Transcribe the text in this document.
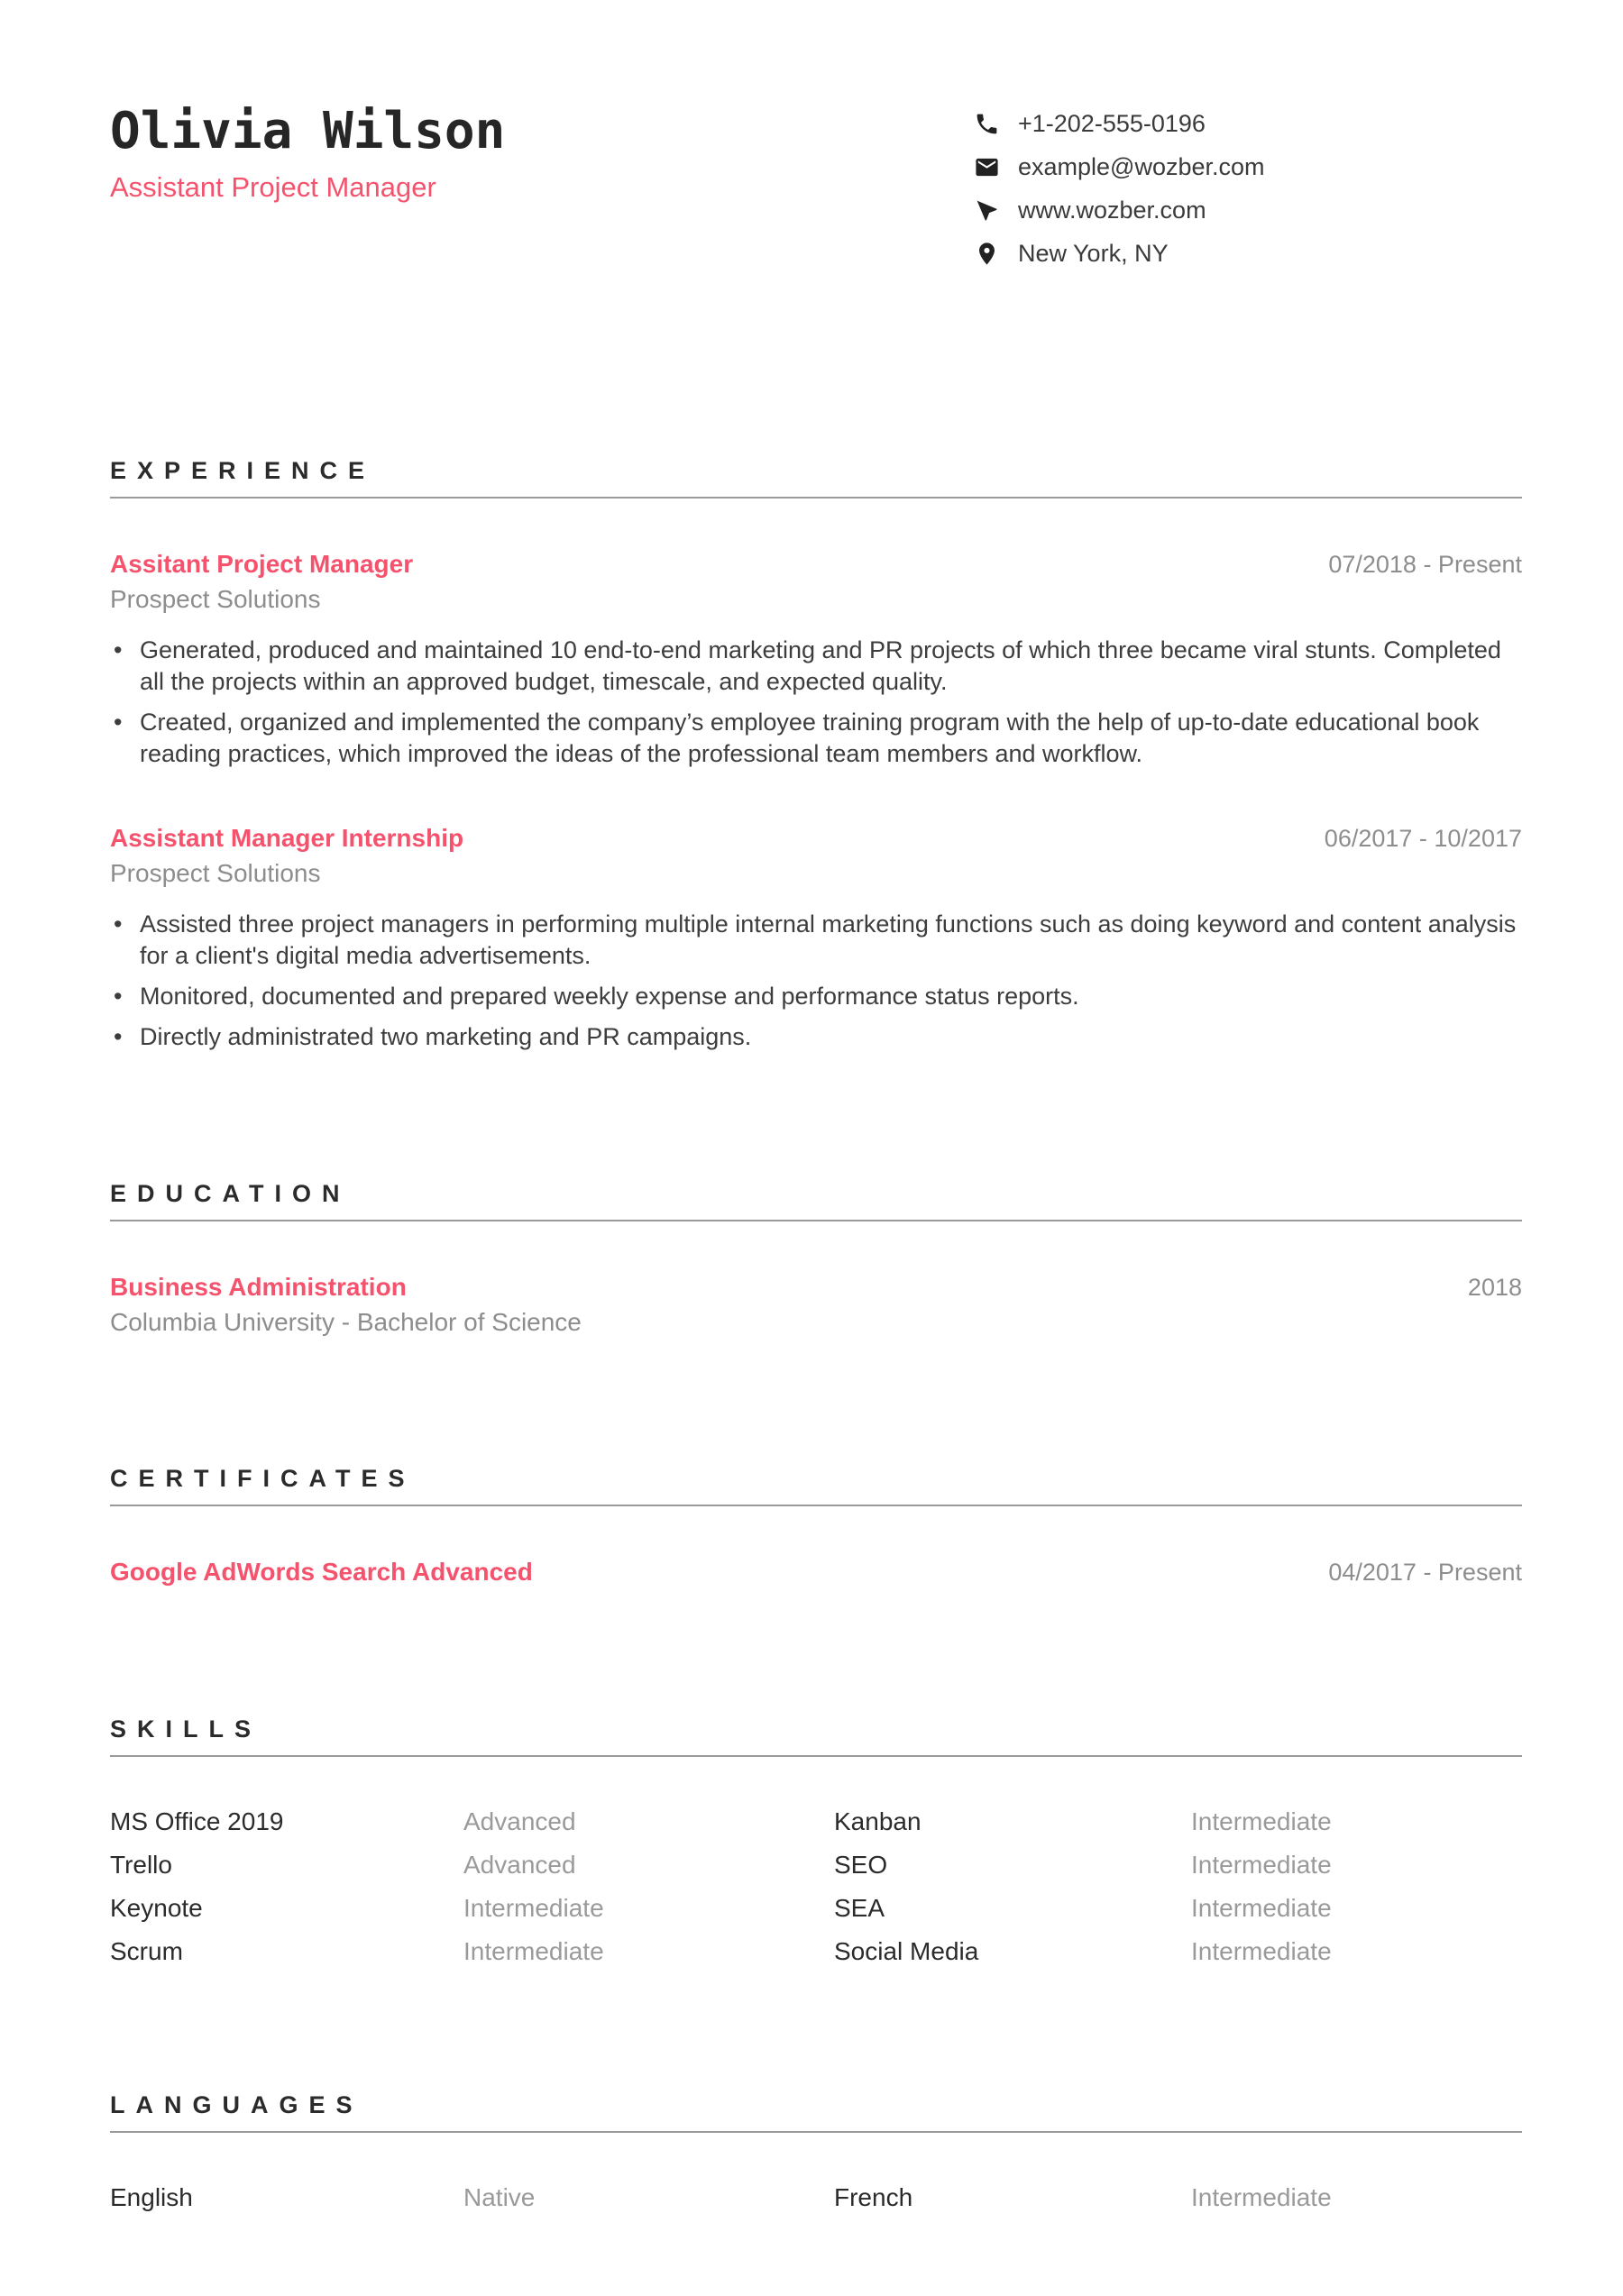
Olivia Wilson
Assistant Project Manager
+1-202-555-0196
example@wozber.com
www.wozber.com
New York, NY
EXPERIENCE
Assitant Project Manager	07/2018 - Present
Prospect Solutions
• Generated, produced and maintained 10 end-to-end marketing and PR projects of which three became viral stunts. Completed all the projects within an approved budget, timescale, and expected quality.
• Created, organized and implemented the company’s employee training program with the help of up-to-date educational book reading practices, which improved the ideas of the professional team members and workflow.
Assistant Manager Internship	06/2017 - 10/2017
Prospect Solutions
• Assisted three project managers in performing multiple internal marketing functions such as doing keyword and content analysis for a client's digital media advertisements.
• Monitored, documented and prepared weekly expense and performance status reports.
• Directly administrated two marketing and PR campaigns.
EDUCATION
Business Administration	2018
Columbia University - Bachelor of Science
CERTIFICATES
Google AdWords Search Advanced	04/2017 - Present
SKILLS
MS Office 2019	Advanced	Kanban	Intermediate
Trello	Advanced	SEO	Intermediate
Keynote	Intermediate	SEA	Intermediate
Scrum	Intermediate	Social Media	Intermediate
LANGUAGES
English	Native	French	Intermediate
